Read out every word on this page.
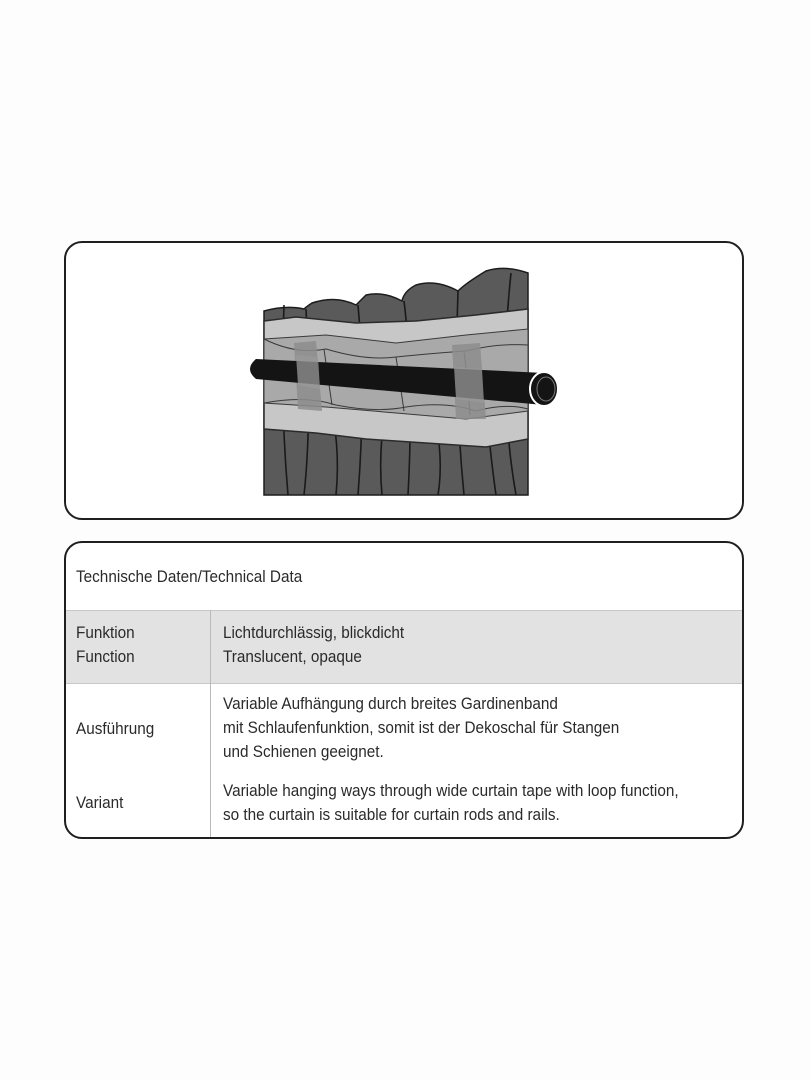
Technische Daten/Technical Data
Funktion
Function
Lichtdurchlässig, blickdicht
Translucent, opaque
Ausführung
Variable Aufhängung durch breites Gardinenband
mit Schlaufenfunktion, somit ist der Dekoschal für Stangen
und Schienen geeignet.
Variant
Variable hanging ways through wide curtain tape with loop function,
so the curtain is suitable for curtain rods and rails.
